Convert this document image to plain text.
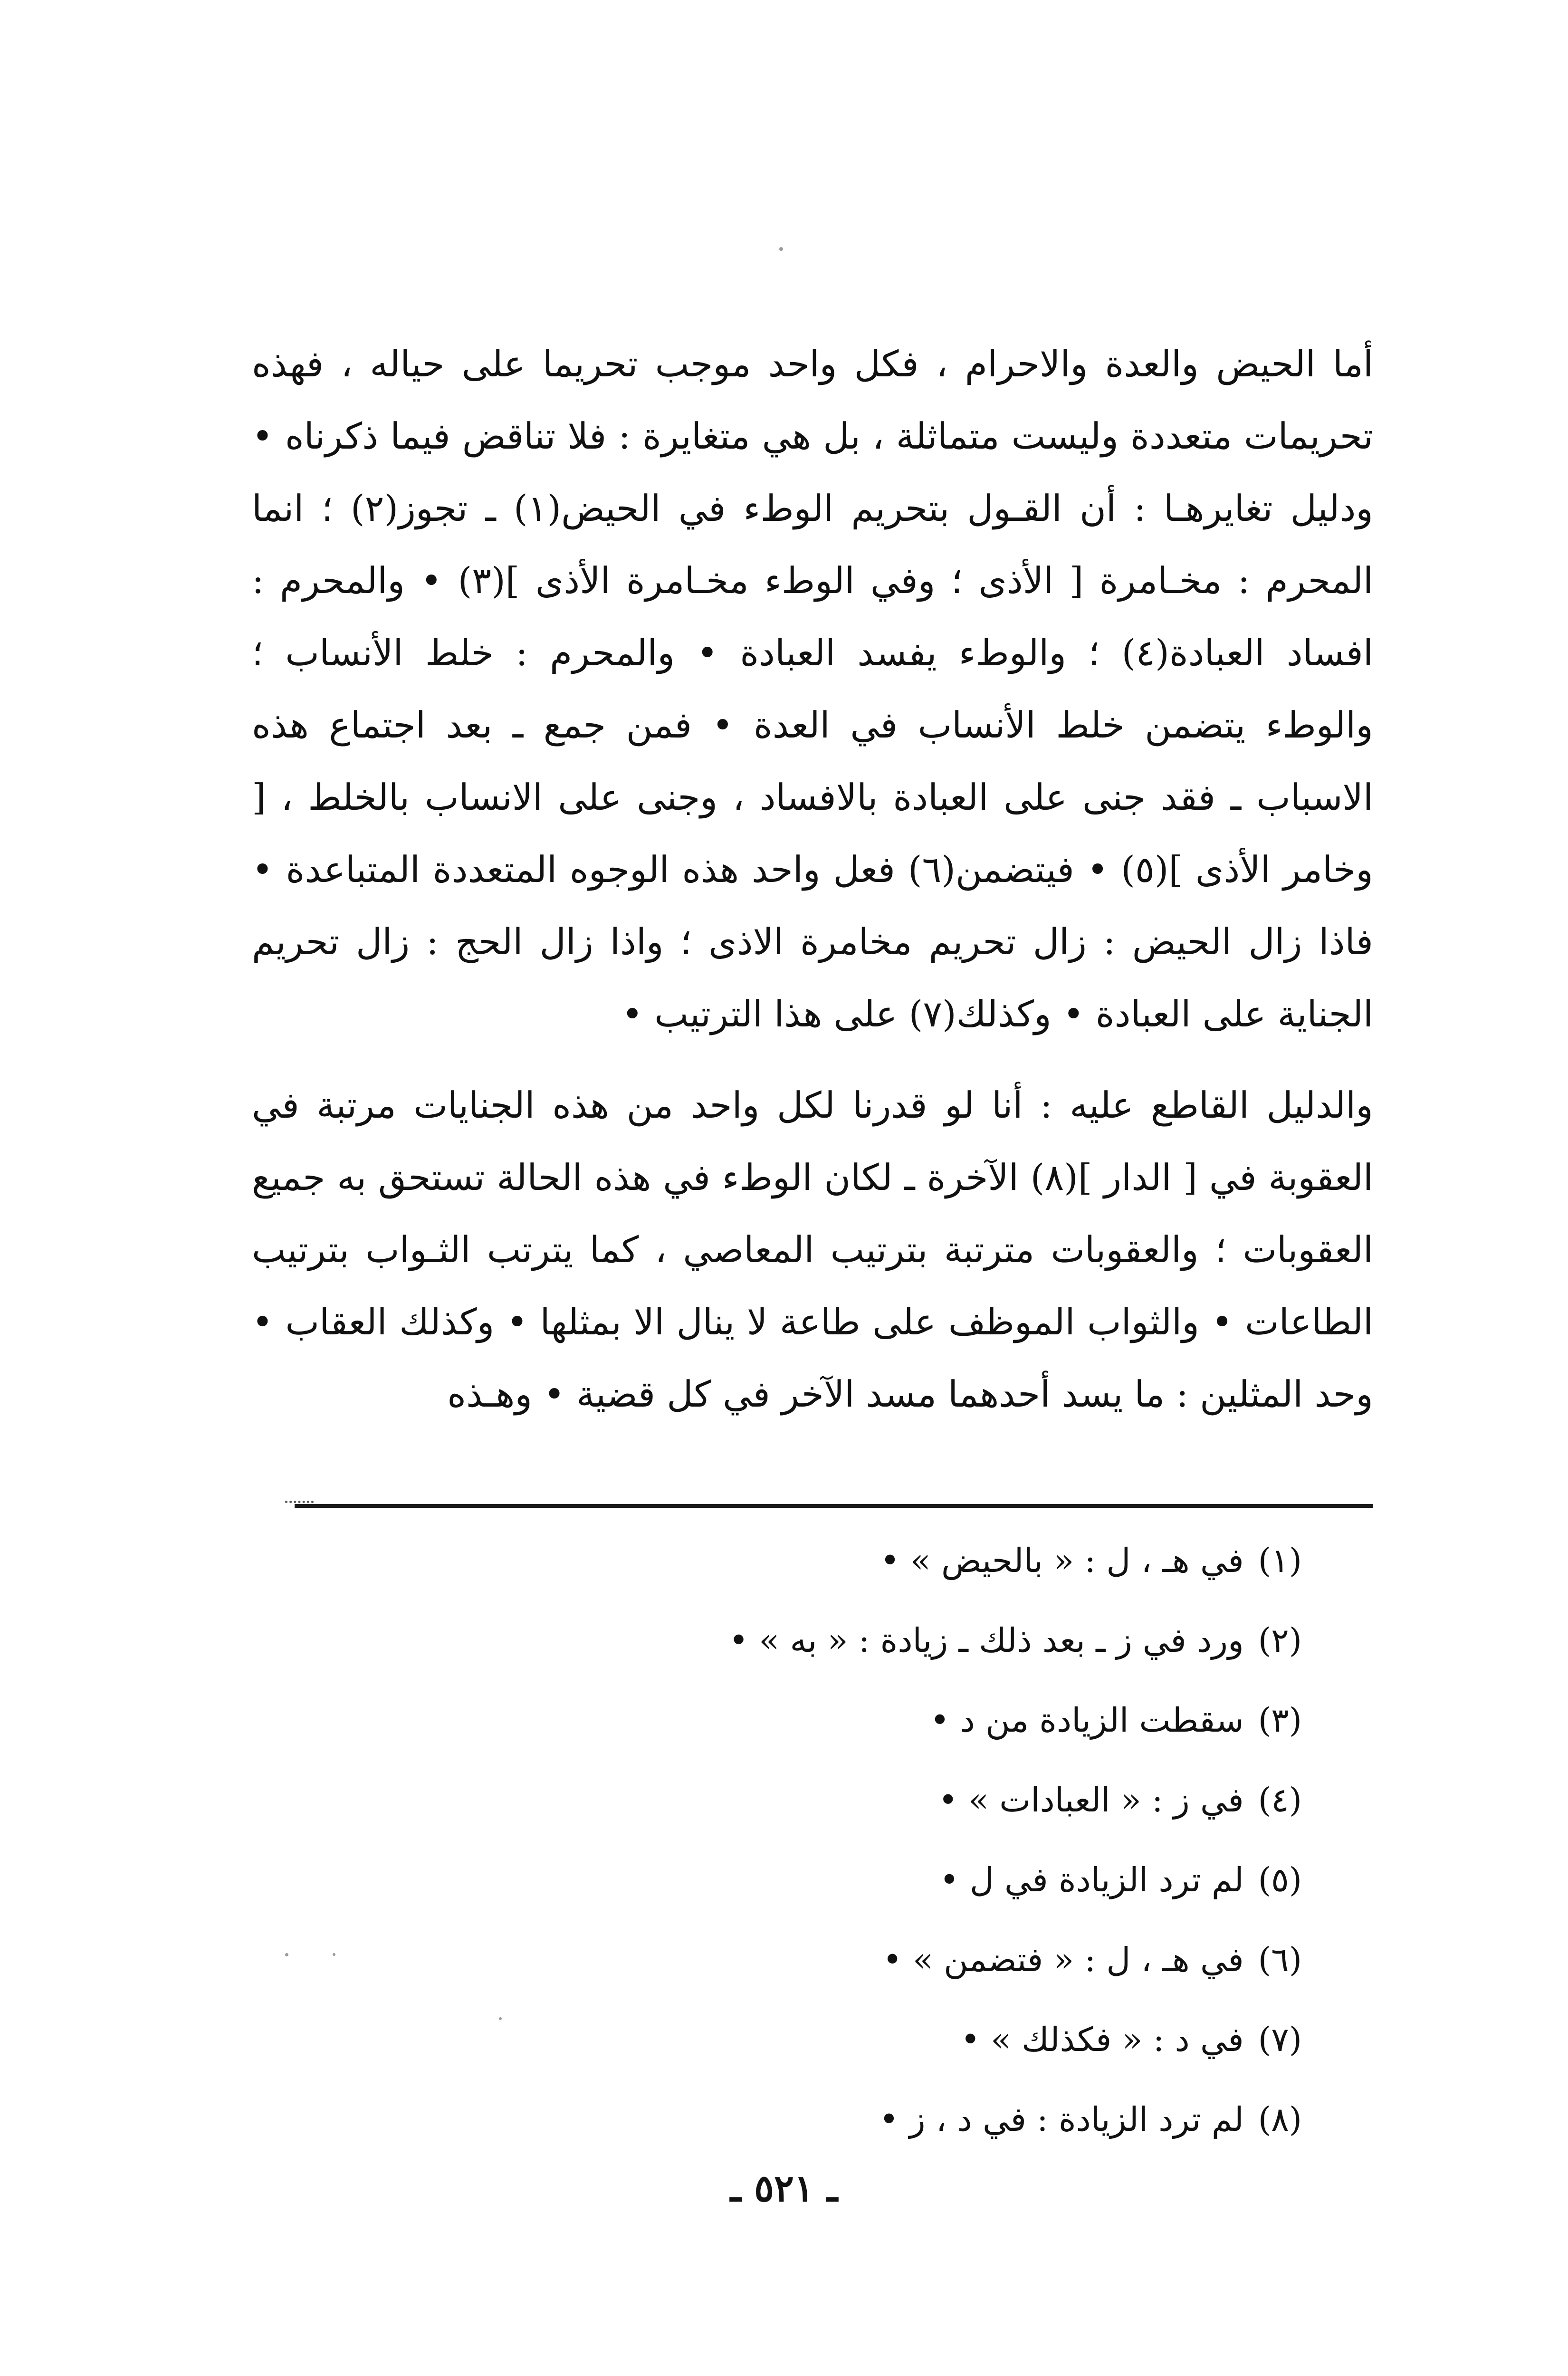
أما الحيض والعدة والاحرام ، فكل واحد موجب تحريما على حياله ، فهذه تحريمات متعددة وليست متماثلة ، بل هي متغايرة : فلا تناقض فيما ذكرناه • ودليل تغايرهـا : أن القـول بتحريم الوطء في الحيض(١) ـ تجوز(٢) ؛ انما المحرم : مخـامرة [ الأذى ؛ وفي الوطء مخـامرة الأذى ](٣) • والمحرم : افساد العبادة(٤) ؛ والوطء يفسد العبادة • والمحرم : خلط الأنساب ؛ والوطء يتضمن خلط الأنساب في العدة • فمن جمع ـ بعد اجتماع هذه الاسباب ـ فقد جنى على العبادة بالافساد ، وجنى على الانساب بالخلط ، [ وخامر الأذى ](٥) • فيتضمن(٦) فعل واحد هذه الوجوه المتعددة المتباعدة • فاذا زال الحيض : زال تحريم مخامرة الاذى ؛ واذا زال الحج : زال تحريم الجناية على العبادة • وكذلك(٧) على هذا الترتيب •

والدليل القاطع عليه : أنا لو قدرنا لكل واحد من هذه الجنايات مرتبة في العقوبة في [ الدار ](٨) الآخرة ـ لكان الوطء في هذه الحالة تستحق به جميع العقوبات ؛ والعقوبات مترتبة بترتيب المعاصي ، كما يترتب الثـواب بترتيب الطاعات • والثواب الموظف على طاعة لا ينال الا بمثلها • وكذلك العقاب • وحد المثلين : ما يسد أحدهما مسد الآخر في كل قضية • وهـذه

(١)في هـ ، ل : « بالحيض » •
(٢)ورد في ز ـ بعد ذلك ـ زيادة : « به » •
(٣)سقطت الزيادة من د •
(٤)في ز : « العبادات » •
(٥)لم ترد الزيادة في ل •
(٦)في هـ ، ل : « فتضمن » •
(٧)في د : « فكذلك » •
(٨)لم ترد الزيادة : في د ، ز •
ـ ٥٢١ ـ
